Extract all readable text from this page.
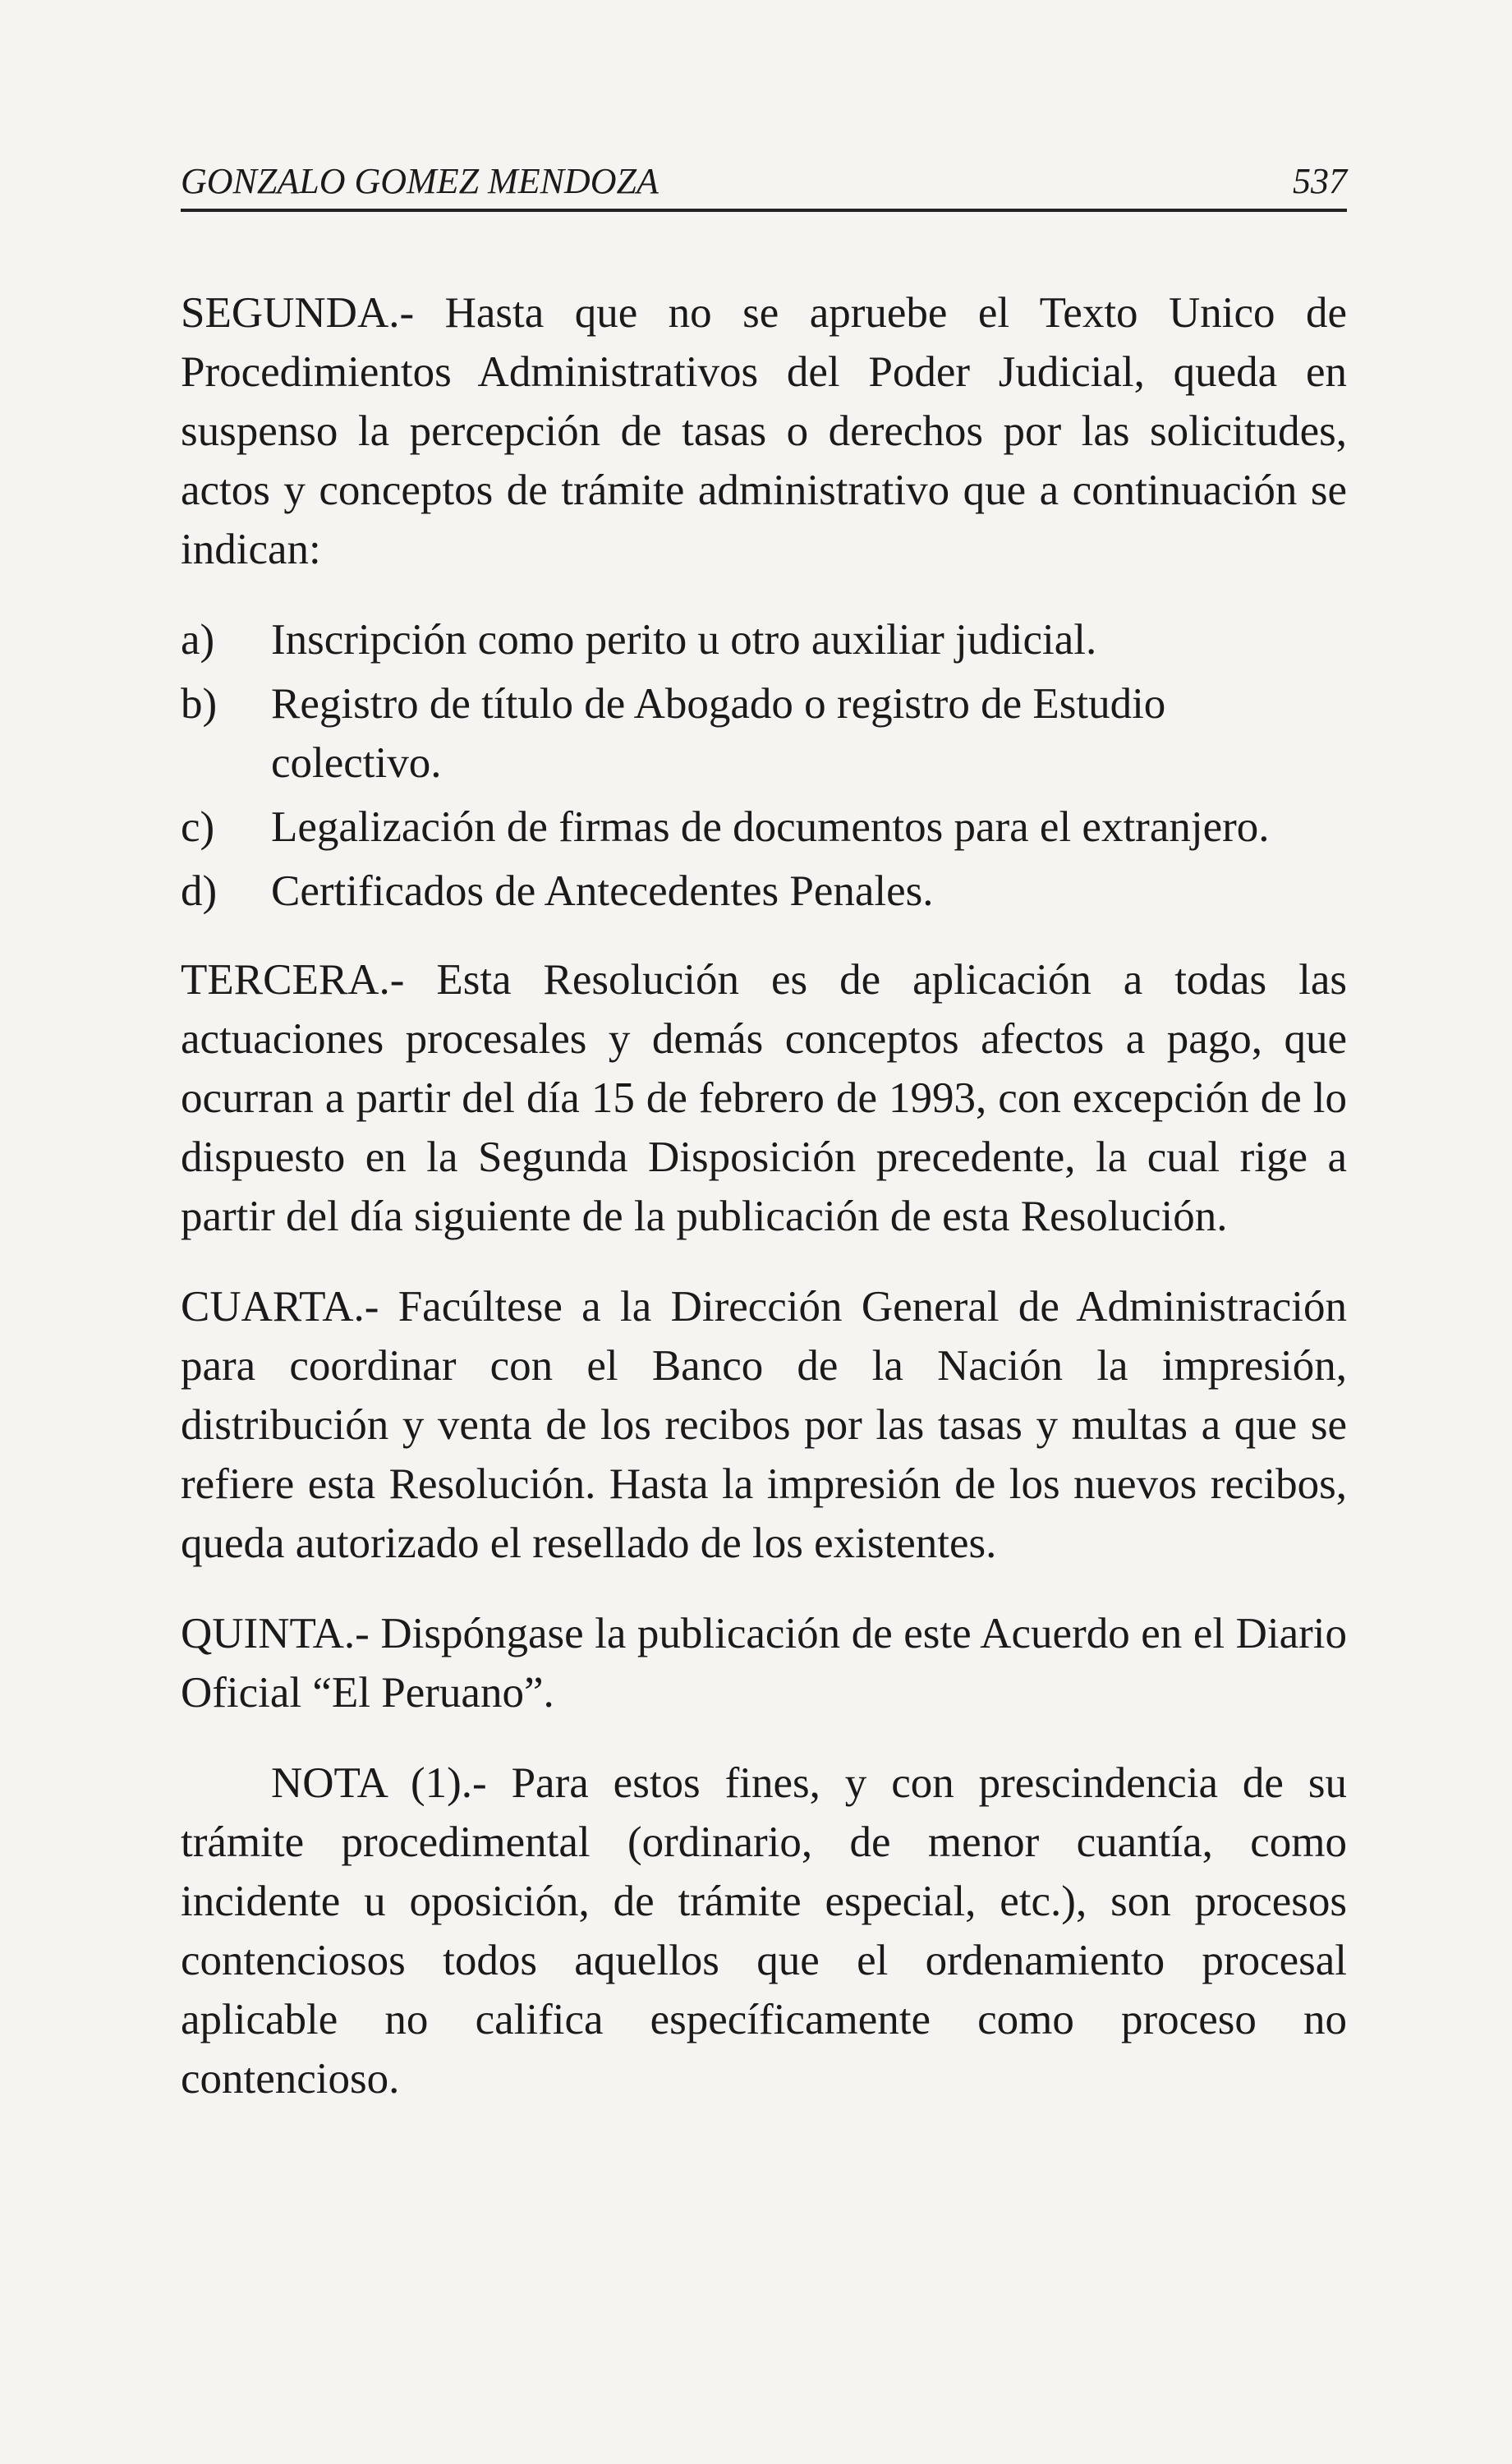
GONZALO GOMEZ MENDOZA	537

SEGUNDA.- Hasta que no se apruebe el Texto Unico de Procedimientos Administrativos del Poder Judicial, queda en suspenso la percepción de tasas o derechos por las solicitudes, actos y conceptos de trámite administrativo que a continuación se indican:

a)	Inscripción como perito u otro auxiliar judicial.
b)	Registro de título de Abogado o registro de Estudio colectivo.
c)	Legalización de firmas de documentos para el extranjero.
d)	Certificados de Antecedentes Penales.

TERCERA.- Esta Resolución es de aplicación a todas las actuaciones procesales y demás conceptos afectos a pago, que ocurran a partir del día 15 de febrero de 1993, con excepción de lo dispuesto en la Segunda Disposición precedente, la cual rige a partir del día siguiente de la publicación de esta Resolución.

CUARTA.- Facúltese a la Dirección General de Administración para coordinar con el Banco de la Nación la impresión, distribución y venta de los recibos por las tasas y multas a que se refiere esta Resolución. Hasta la impresión de los nuevos recibos, queda autorizado el resellado de los existentes.

QUINTA.- Dispóngase la publicación de este Acuerdo en el Diario Oficial “El Peruano”.

NOTA (1).- Para estos fines, y con prescindencia de su trámite procedimental (ordinario, de menor cuantía, como incidente u oposición, de trámite especial, etc.), son procesos contenciosos todos aquellos que el ordenamiento procesal aplicable no califica específicamente como proceso no contencioso.
